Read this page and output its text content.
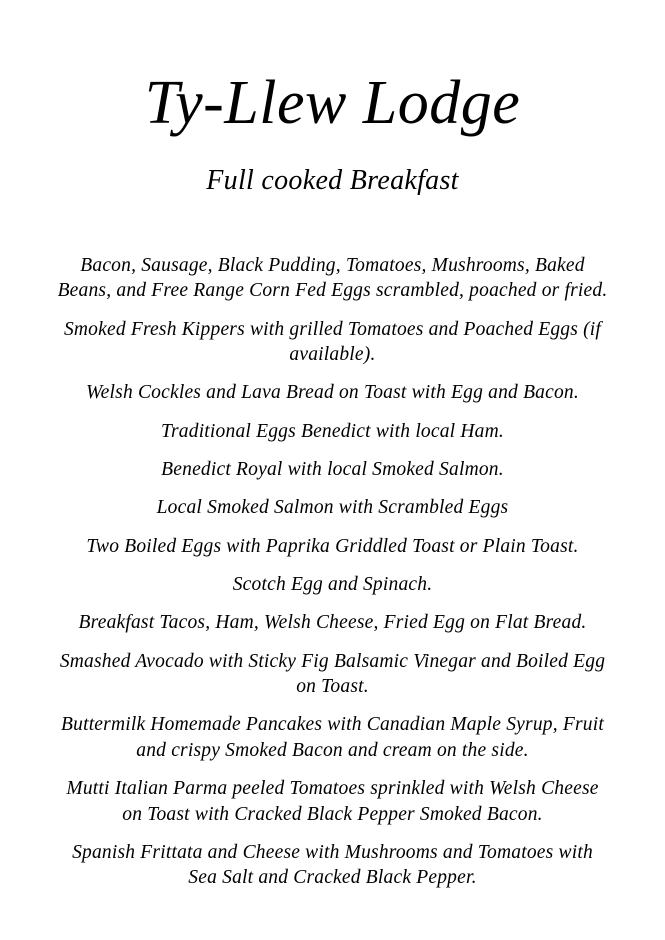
Ty-Llew Lodge
Full cooked Breakfast
Bacon, Sausage, Black Pudding, Tomatoes, Mushrooms, Baked Beans, and Free Range Corn Fed Eggs scrambled, poached or fried.
Smoked Fresh Kippers with grilled Tomatoes and Poached Eggs (if available).
Welsh Cockles and Lava Bread on Toast with Egg and Bacon.
Traditional Eggs Benedict with local Ham.
Benedict Royal with local Smoked Salmon.
Local Smoked Salmon with Scrambled Eggs
Two Boiled Eggs with Paprika Griddled Toast or Plain Toast.
Scotch Egg and Spinach.
Breakfast Tacos, Ham, Welsh Cheese, Fried Egg on Flat Bread.
Smashed Avocado with Sticky Fig Balsamic Vinegar and Boiled Egg on Toast.
Buttermilk Homemade Pancakes with Canadian Maple Syrup, Fruit and crispy Smoked Bacon and cream on the side.
Mutti Italian Parma peeled Tomatoes sprinkled with Welsh Cheese on Toast with Cracked Black Pepper Smoked Bacon.
Spanish Frittata and Cheese with Mushrooms and Tomatoes with Sea Salt and Cracked Black Pepper.
